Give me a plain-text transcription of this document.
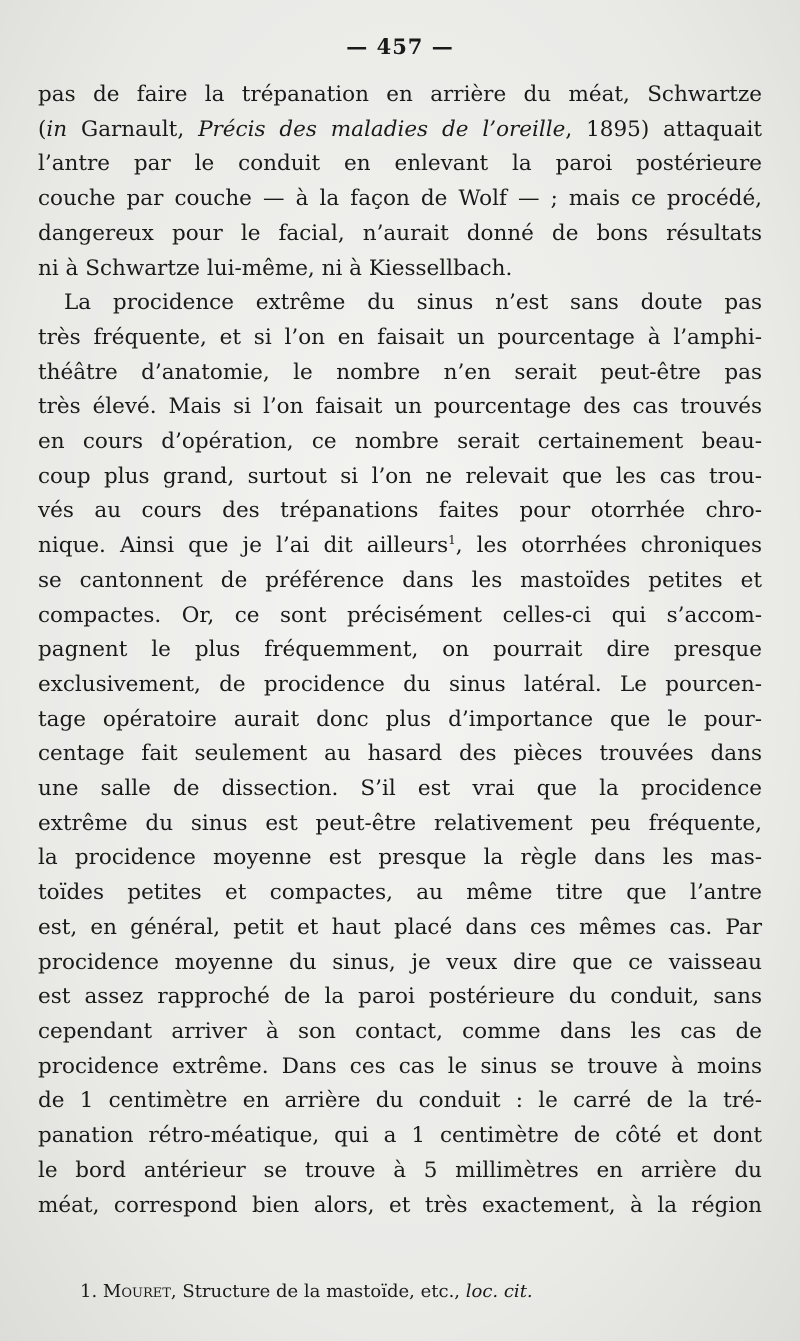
— 457 —
pas de faire la trépanation en arrière du méat, Schwartze
(in Garnault, Précis des maladies de l’oreille, 1895) attaquait
l’antre par le conduit en enlevant la paroi postérieure
couche par couche — à la façon de Wolf — ; mais ce procédé,
dangereux pour le facial, n’aurait donné de bons résultats
ni à Schwartze lui-même, ni à Kiessellbach.
La procidence extrême du sinus n’est sans doute pas
très fréquente, et si l’on en faisait un pourcentage à l’amphi-
théâtre d’anatomie, le nombre n’en serait peut-être pas
très élevé. Mais si l’on faisait un pourcentage des cas trouvés
en cours d’opération, ce nombre serait certainement beau-
coup plus grand, surtout si l’on ne relevait que les cas trou-
vés au cours des trépanations faites pour otorrhée chro-
nique. Ainsi que je l’ai dit ailleurs$^1$, les otorrhées chroniques
se cantonnent de préférence dans les mastoïdes petites et
compactes. Or, ce sont précisément celles-ci qui s’accom-
pagnent le plus fréquemment, on pourrait dire presque
exclusivement, de procidence du sinus latéral. Le pourcen-
tage opératoire aurait donc plus d’importance que le pour-
centage fait seulement au hasard des pièces trouvées dans
une salle de dissection. S’il est vrai que la procidence
extrême du sinus est peut-être relativement peu fréquente,
la procidence moyenne est presque la règle dans les mas-
toïdes petites et compactes, au même titre que l’antre
est, en général, petit et haut placé dans ces mêmes cas. Par
procidence moyenne du sinus, je veux dire que ce vaisseau
est assez rapproché de la paroi postérieure du conduit, sans
cependant arriver à son contact, comme dans les cas de
procidence extrême. Dans ces cas le sinus se trouve à moins
de 1 centimètre en arrière du conduit : le carré de la tré-
panation rétro-méatique, qui a 1 centimètre de côté et dont
le bord antérieur se trouve à 5 millimètres en arrière du
méat, correspond bien alors, et très exactement, à la région
1. Mouret, Structure de la mastoïde, etc., loc. cit.
